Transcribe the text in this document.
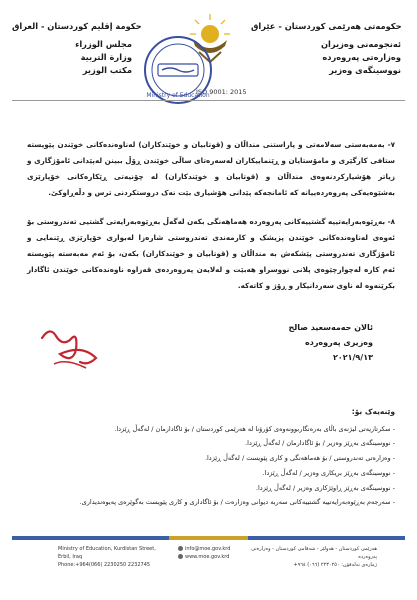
حکومەتی هەرێمی کوردستان - عێراق
ئەنجومەنی وەزیران
وەزارەتی پەروەردە
نووسینگەی وەزیر
حكومة إقليم كوردستان - العراق
مجلس الوزراء
وزارة التربية
مكتب الوزير
ISO 9001: 2015
Ministry of Education
٧- بەمەبەستی سەلامەتی و پاراستنی منداڵان و (قوتابیان و خوێندکاران) لەناوەندەکانی خوێندن پێویستە ستافی کارگێری و مامۆستایان و ڕێنماییکاران لەسەرەتای ساڵی خوێندن ڕۆڵ ببینن لەپێدانی ئامۆژگاری و زیاتر هۆشیارکردنەوەی منداڵان و (قوتابیان و خوێندکاران) لە چۆنیەتی ڕێکارەکانی خۆپارێزی بەشێوەیەکی پەروەردەییانە کە ئامانجەکە پێدانی هۆشیاری بێت نەک دروستکردنی ترس و دڵەڕاوکێ.
٨- بەڕێوەبەرایەتییە گشتییەکانی پەروەردە هەماهەنگی بکەن لەگەڵ بەڕێوەبەرایەتی گشتیی تەندروستی بۆ ئەوەی لەناوەندەکانی خوێندن پزیشک و کارمەندی تەندروستی شارەزا لەبواری خۆپارێزی ڕێنمایی و ئامۆژگاری تەندروستی پێشکەش بە منداڵان و (قوتابیان و خوێندکاران) بکەن، بۆ ئەم مەبەستە پێویستە ئەم کارە لەچوارچێوەی پلانی نووسراو هەبێت و لەلایەن پەروەردەی قەزاوە ناوەندەکانی خوێندن ئاگادار بکرێنەوە لە ناوی سەردانیکار و ڕۆژ و کاتەکە.
ئالان حەمەسعید صالح
وەزیری پەروەردە
٢٠٢١/٩/١٣
وێنەیەک بۆ:
- سکرتاریەتی لیژنەی باڵای بەرەنگاربوونەوەی کۆرۆنا لە هەرێمی کوردستان / بۆ ئاگادارمان / لەگەڵ ڕێزدا.
- نووسینگەی بەڕێز وەزیر / بۆ ئاگادارمان / لەگەڵ ڕێزدا.
- وەزارەتی تەندروستی / بۆ هەماهەنگی و کاری پێویست / لەگەڵ ڕێزدا.
- نووسینگەی بەڕێز بریکاری وەزیر / لەگەڵ ڕێزدا.
- نووسینگەی بەڕێز ڕاوێژکاری وەزیر / لەگەڵ ڕێزدا.
- سەرجەم بەڕێوەبەرایەتییە گشتییەکانی سەربە دیوانی وەزارەت / بۆ ئاگاداری و کاری پێویست بەگوێرەی پەیوەندیداری.
Ministry of Education, Kurdistan Street, Erbil, Iraq
Phone:+964(066) 2230250 2232745
info@moe.gov.krd
www.moe.gov.krd
هەرێمی کوردستان - هەولێر - شەقامی کوردستان - وەزارەتی پەروەردە
ژمارەی تەلەفۆن: ٢٢٣٠٢٥٠ (٠٦٦) ٩٦٤+
